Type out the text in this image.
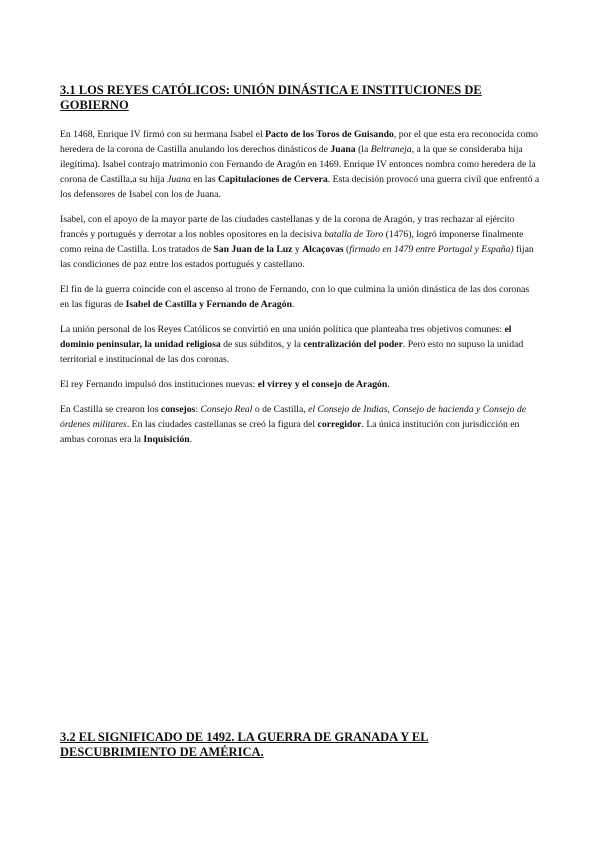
3.1 LOS REYES CATÓLICOS: UNIÓN DINÁSTICA E INSTITUCIONES DE GOBIERNO

En 1468, Enrique IV firmó con su hermana Isabel el Pacto de los Toros de Guisando, por el que esta era reconocida como heredera de la corona de Castilla anulando los derechos dinásticos de Juana (la Beltraneja, a la que se consideraba hija ilegítima). Isabel contrajo matrimonio con Fernando de Aragón en 1469. Enrique IV entonces nombra como heredera de la corona de Castilla,a su hija Juana en las Capitulaciones de Cervera. Esta decisión provocó una guerra civil que enfrentó a los defensores de Isabel con los de Juana.

Isabel, con el apoyo de la mayor parte de las ciudades castellanas y de la corona de Aragón, y tras rechazar al ejército francés y portugués y derrotar a los nobles opositores en la decisiva batalla de Toro (1476), logró imponerse finalmente como reina de Castilla. Los tratados de San Juan de la Luz y Alcaçovas (firmado en 1479 entre Portugal y España) fijan las condiciones de paz entre los estados portugués y castellano.

El fin de la guerra coincide con el ascenso al trono de Fernando, con lo que culmina la unión dinástica de las dos coronas en las figuras de Isabel de Castilla y Fernando de Aragón.

La unión personal de los Reyes Católicos se convirtió en una unión política que planteaba tres objetivos comunes: el dominio peninsular, la unidad religiosa de sus súbditos, y la centralización del poder. Pero esto no supuso la unidad territorial e institucional de las dos coronas.

El rey Fernando impulsó dos instituciones nuevas: el virrey y el consejo de Aragón.

En Castilla se crearon los consejos: Consejo Real o de Castilla, el Consejo de Indias, Consejo de hacienda y Consejo de órdenes militares. En las ciudades castellanas se creó la figura del corregidor. La única institución con jurisdicción en ambas coronas era la Inquisición.

3.2 EL SIGNIFICADO DE 1492. LA GUERRA DE GRANADA Y EL DESCUBRIMIENTO DE AMÉRICA.
